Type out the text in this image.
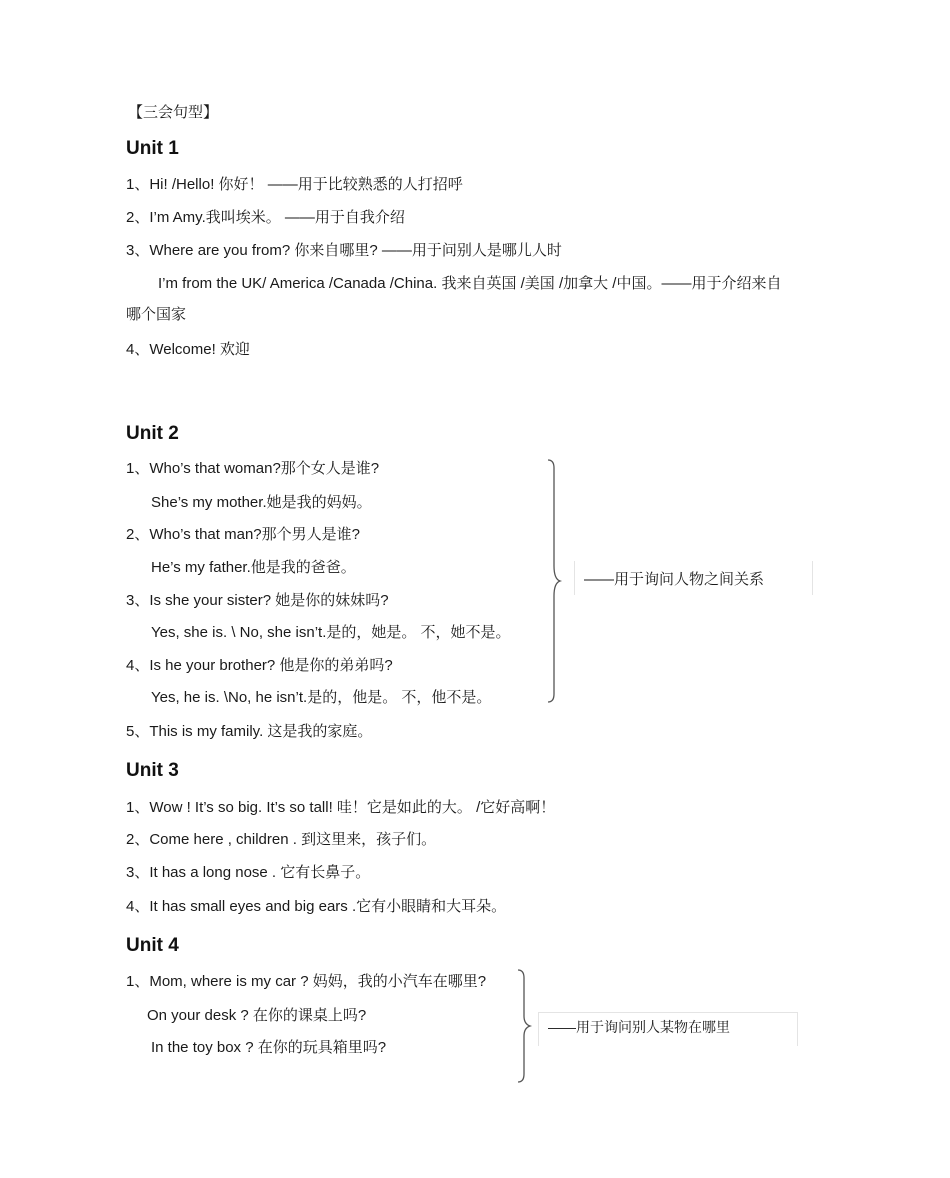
【三会句型】
Unit 1
1、Hi! /Hello! 你好！ ——用于比较熟悉的人打招呼
2、I’m Amy.我叫埃米。 ——用于自我介绍
3、Where are you from? 你来自哪里? ——用于问别人是哪儿人时
I’m from the UK/ America /Canada /China. 我来自英国 /美国 /加拿大 /中国。——用于介绍来自
哪个国家
4、Welcome! 欢迎
Unit 2
1、Who’s that woman?那个女人是谁?
She’s my mother.她是我的妈妈。
2、Who’s that man?那个男人是谁?
He’s my father.他是我的爸爸。
3、Is she your sister? 她是你的妹妹吗?
Yes, she is. \ No, she isn’t.是的，她是。 不，她不是。
4、Is he your brother? 他是你的弟弟吗?
Yes, he is. \No, he isn’t.是的，他是。 不，他不是。
5、This is my family. 这是我的家庭。
——用于询问人物之间关系
Unit 3
1、Wow ! It’s so big. It’s so tall! 哇！它是如此的大。 /它好高啊！
2、Come here , children . 到这里来，孩子们。
3、It has a long nose . 它有长鼻子。
4、It has small eyes and big ears .它有小眼睛和大耳朵。
Unit 4
1、Mom, where is my car ? 妈妈，我的小汽车在哪里?
On your desk ? 在你的课桌上吗?
In the toy box ? 在你的玩具箱里吗?
——用于询问别人某物在哪里
